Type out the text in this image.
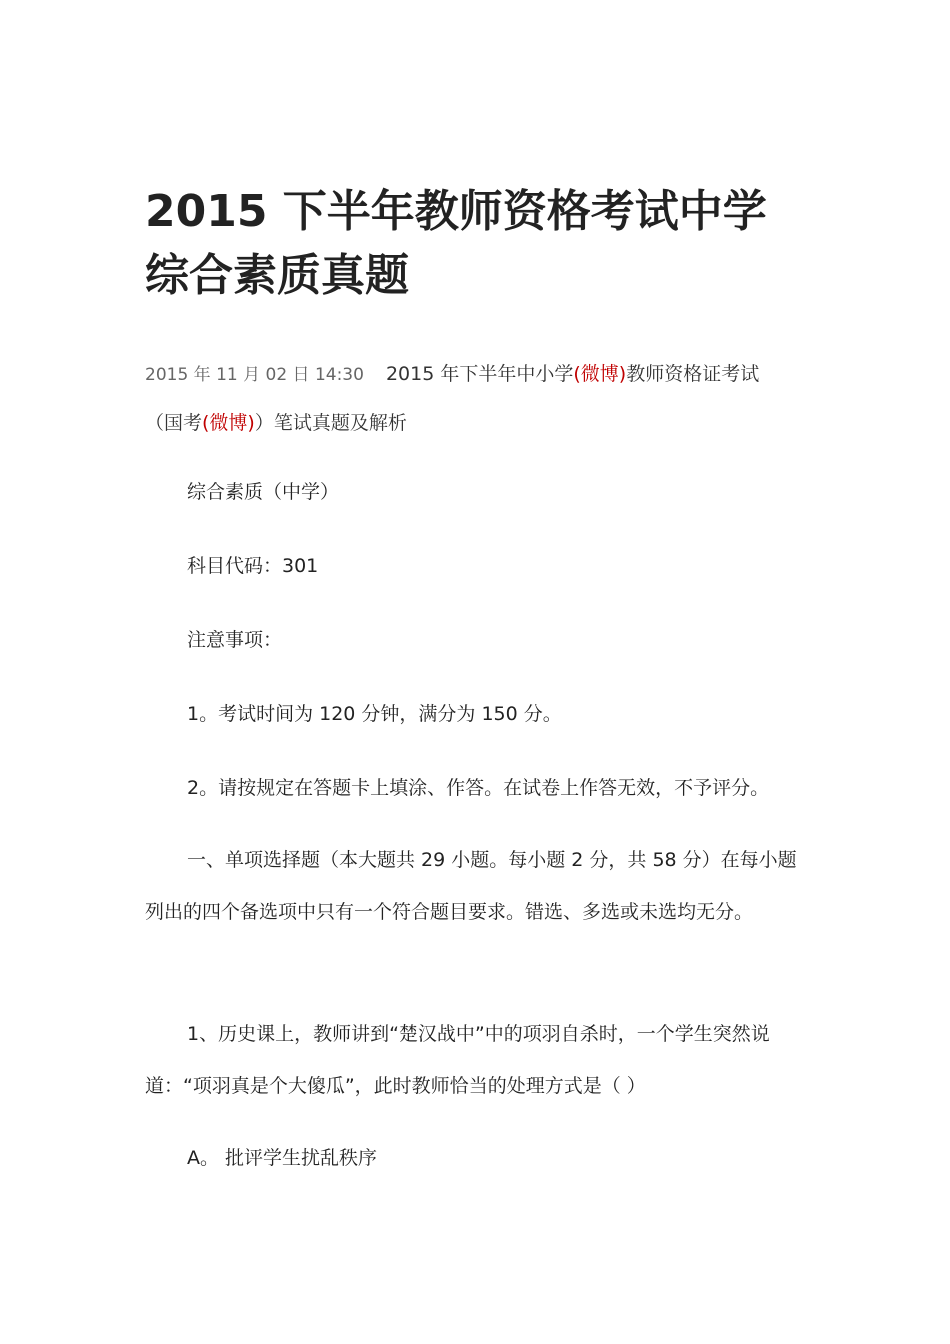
2015 下半年教师资格考试中学
综合素质真题
2015 年 11 月 02 日 14:30 2015 年下半年中小学(微博)教师资格证考试
（国考(微博)）笔试真题及解析

综合素质（中学）

科目代码：301

注意事项：

1。考试时间为 120 分钟，满分为 150 分。

2。请按规定在答题卡上填涂、作答。在试卷上作答无效，不予评分。

一、单项选择题（本大题共 29 小题。每小题 2 分，共 58 分）在每小题列出的四个备选项中只有一个符合题目要求。错选、多选或未选均无分。

1、历史课上，教师讲到“楚汉战中”中的项羽自杀时，一个学生突然说道：“项羽真是个大傻瓜”，此时教师恰当的处理方式是（ ）

A。 批评学生扰乱秩序
